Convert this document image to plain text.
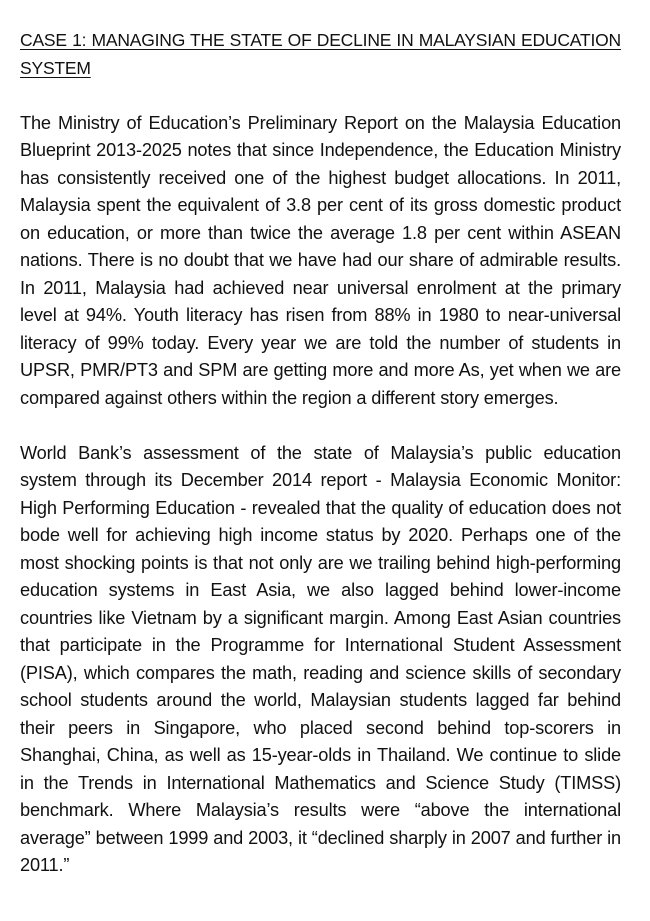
CASE 1: MANAGING THE STATE OF DECLINE IN MALAYSIAN EDUCATION SYSTEM

The Ministry of Education’s Preliminary Report on the Malaysia Education Blueprint 2013-2025 notes that since Independence, the Education Ministry has consistently received one of the highest budget allocations. In 2011, Malaysia spent the equivalent of 3.8 per cent of its gross domestic product on education, or more than twice the average 1.8 per cent within ASEAN nations. There is no doubt that we have had our share of admirable results. In 2011, Malaysia had achieved near universal enrolment at the primary level at 94%. Youth literacy has risen from 88% in 1980 to near-universal literacy of 99% today. Every year we are told the number of students in UPSR, PMR/PT3 and SPM are getting more and more As, yet when we are compared against others within the region a different story emerges.

World Bank’s assessment of the state of Malaysia’s public education system through its December 2014 report - Malaysia Economic Monitor: High Performing Education - revealed that the quality of education does not bode well for achieving high income status by 2020. Perhaps one of the most shocking points is that not only are we trailing behind high-performing education systems in East Asia, we also lagged behind lower-income countries like Vietnam by a significant margin. Among East Asian countries that participate in the Programme for International Student Assessment (PISA), which compares the math, reading and science skills of secondary school students around the world, Malaysian students lagged far behind their peers in Singapore, who placed second behind top-scorers in Shanghai, China, as well as 15-year-olds in Thailand. We continue to slide in the Trends in International Mathematics and Science Study (TIMSS) benchmark. Where Malaysia’s results were “above the international average” between 1999 and 2003, it “declined sharply in 2007 and further in 2011.”
